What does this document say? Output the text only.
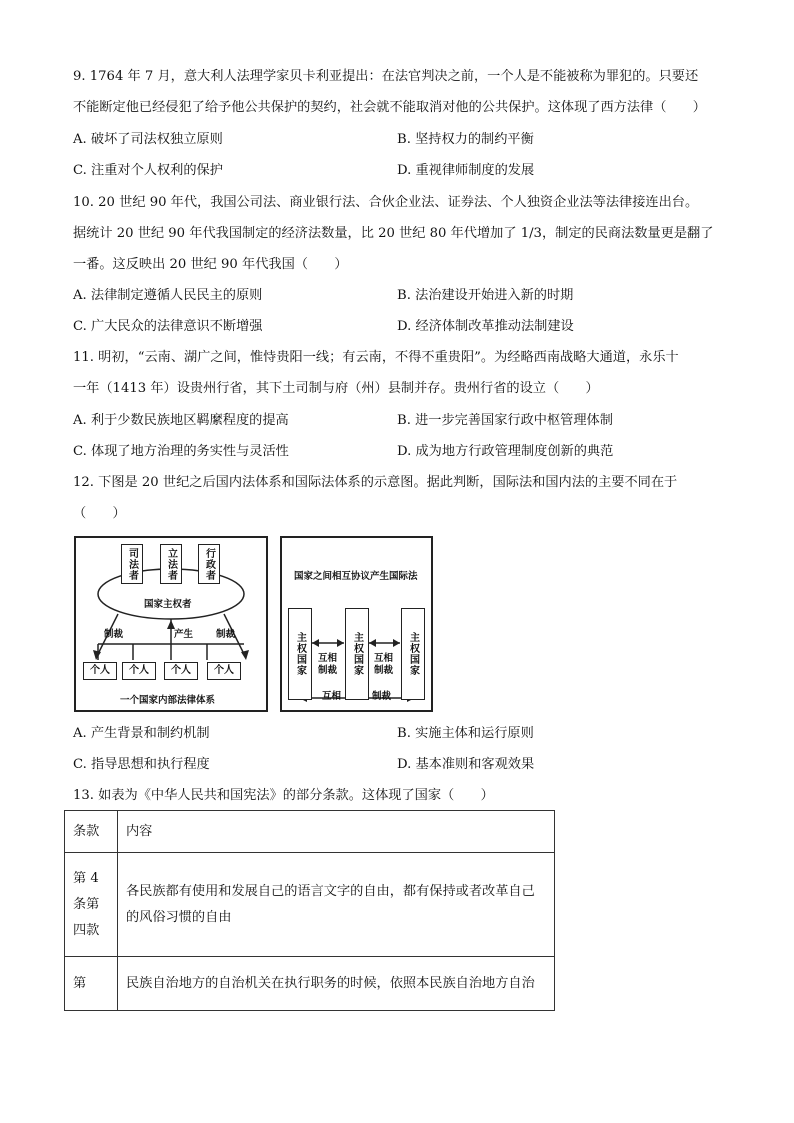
9. 1764 年 7 月，意大利人法理学家贝卡利亚提出：在法官判决之前，一个人是不能被称为罪犯的。只要还
不能断定他已经侵犯了给予他公共保护的契约，社会就不能取消对他的公共保护。这体现了西方法律（　　）
A. 破坏了司法权独立原则	B. 坚持权力的制约平衡
C. 注重对个人权利的保护	D. 重视律师制度的发展
10. 20 世纪 90 年代，我国公司法、商业银行法、合伙企业法、证券法、个人独资企业法等法律接连出台。
据统计 20 世纪 90 年代我国制定的经济法数量，比 20 世纪 80 年代增加了 1/3，制定的民商法数量更是翻了
一番。这反映出 20 世纪 90 年代我国（　　）
A. 法律制定遵循人民民主的原则	B. 法治建设开始进入新的时期
C. 广大民众的法律意识不断增强	D. 经济体制改革推动法制建设
11. 明初，“云南、湖广之间，惟恃贵阳一线；有云南，不得不重贵阳”。为经略西南战略大通道，永乐十
一年（1413 年）设贵州行省，其下土司制与府（州）县制并存。贵州行省的设立（　　）
A. 利于少数民族地区羁縻程度的提高	B. 进一步完善国家行政中枢管理体制
C. 体现了地方治理的务实性与灵活性	D. 成为地方行政管理制度创新的典范
12. 下图是 20 世纪之后国内法体系和国际法体系的示意图。据此判断，国际法和国内法的主要不同在于
（　　）
司法者	立法者	行政者
国家主权者
制裁	产生 制裁
个人	个人	个人	个人
一个国家内部法律体系
国家之间相互协议产生国际法
主权国家	主权国家	主权国家
互相
制裁
互相
制裁
互相	制裁
A. 产生背景和制约机制	B. 实施主体和运行原则
C. 指导思想和执行程度	D. 基本准则和客观效果
13. 如表为《中华人民共和国宪法》的部分条款。这体现了国家（　　）
条款	内容
第 4 条第四款	各民族都有使用和发展自己的语言文字的自由，都有保持或者改革自己的风俗习惯的自由
第	民族自治地方的自治机关在执行职务的时候，依照本民族自治地方自治
